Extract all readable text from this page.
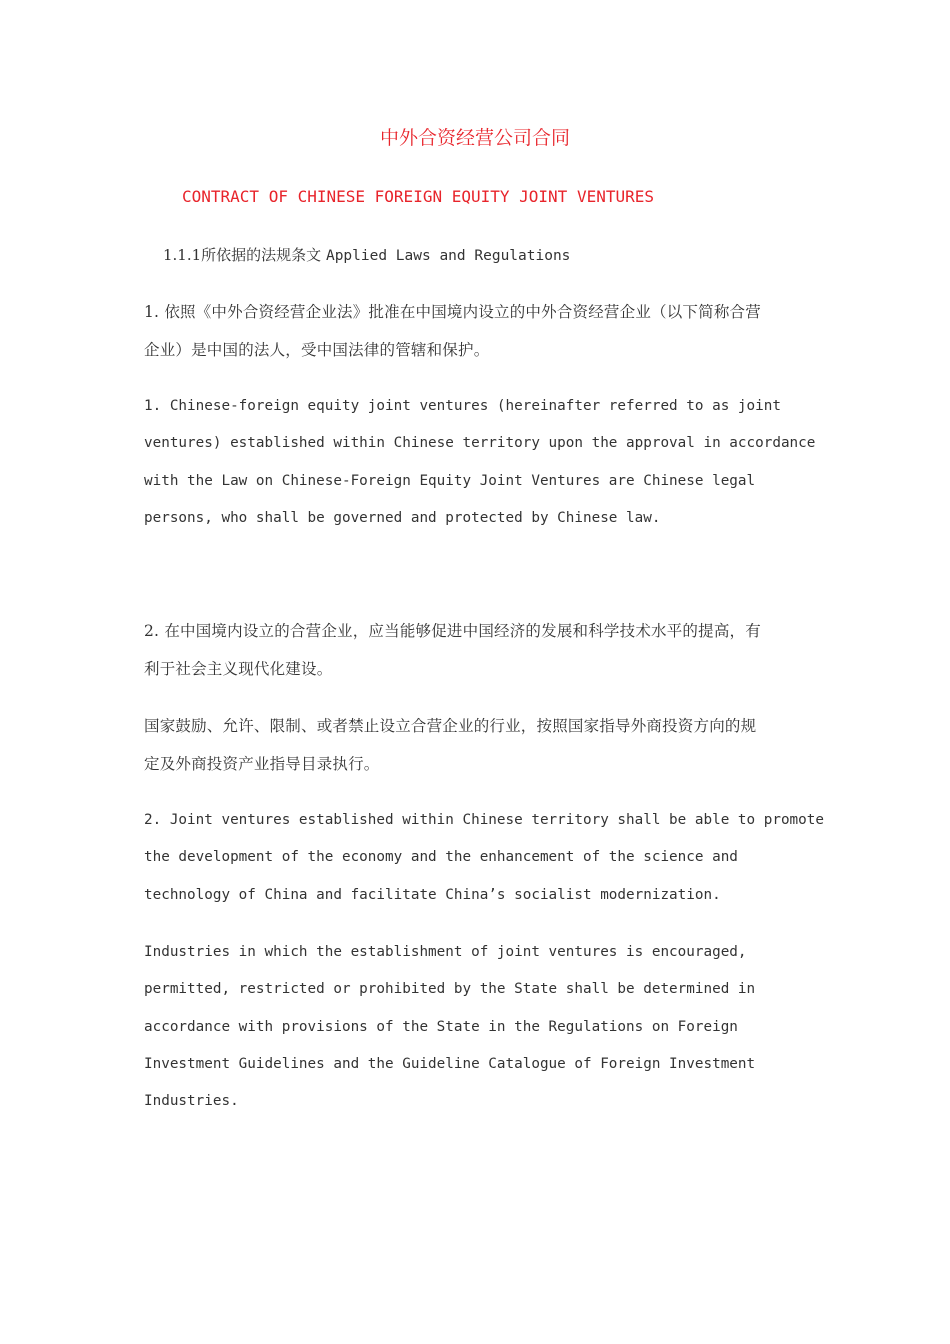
中外合资经营公司合同
CONTRACT OF CHINESE FOREIGN EQUITY JOINT VENTURES
1.1.1所依据的法规条文 Applied Laws and Regulations
1. 依照《中外合资经营企业法》批准在中国境内设立的中外合资经营企业（以下简称合营
企业）是中国的法人，受中国法律的管辖和保护。
1. Chinese-foreign equity joint ventures (hereinafter referred to as joint
ventures) established within Chinese territory upon the approval in accordance
with the Law on Chinese-Foreign Equity Joint Ventures are Chinese legal
persons, who shall be governed and protected by Chinese law.
2. 在中国境内设立的合营企业，应当能够促进中国经济的发展和科学技术水平的提高，有
利于社会主义现代化建设。
国家鼓励、允许、限制、或者禁止设立合营企业的行业，按照国家指导外商投资方向的规
定及外商投资产业指导目录执行。
2. Joint ventures established within Chinese territory shall be able to promote
the development of the economy and the enhancement of the science and
technology of China and facilitate China’s socialist modernization.
Industries in which the establishment of joint ventures is encouraged,
permitted, restricted or prohibited by the State shall be determined in
accordance with provisions of the State in the Regulations on Foreign
Investment Guidelines and the Guideline Catalogue of Foreign Investment
Industries.
